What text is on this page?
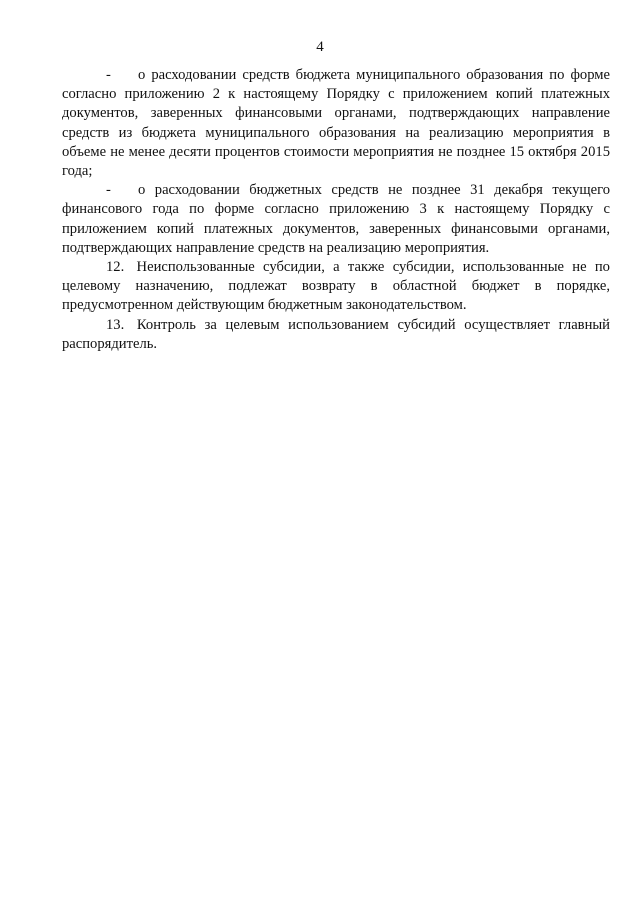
4

- о расходовании средств бюджета муниципального образования по форме согласно приложению 2 к настоящему Порядку с приложением копий платежных документов, заверенных финансовыми органами, подтверждающих направление средств из бюджета муниципального образования на реализацию мероприятия в объеме не менее десяти процентов стоимости мероприятия не позднее 15 октября 2015 года;

- о расходовании бюджетных средств не позднее 31 декабря текущего финансового года по форме согласно приложению 3 к настоящему Порядку с приложением копий платежных документов, заверенных финансовыми органами, подтверждающих направление средств на реализацию мероприятия.

12. Неиспользованные субсидии, а также субсидии, использованные не по целевому назначению, подлежат возврату в областной бюджет в порядке, предусмотренном действующим бюджетным законодательством.

13. Контроль за целевым использованием субсидий осуществляет главный распорядитель.
